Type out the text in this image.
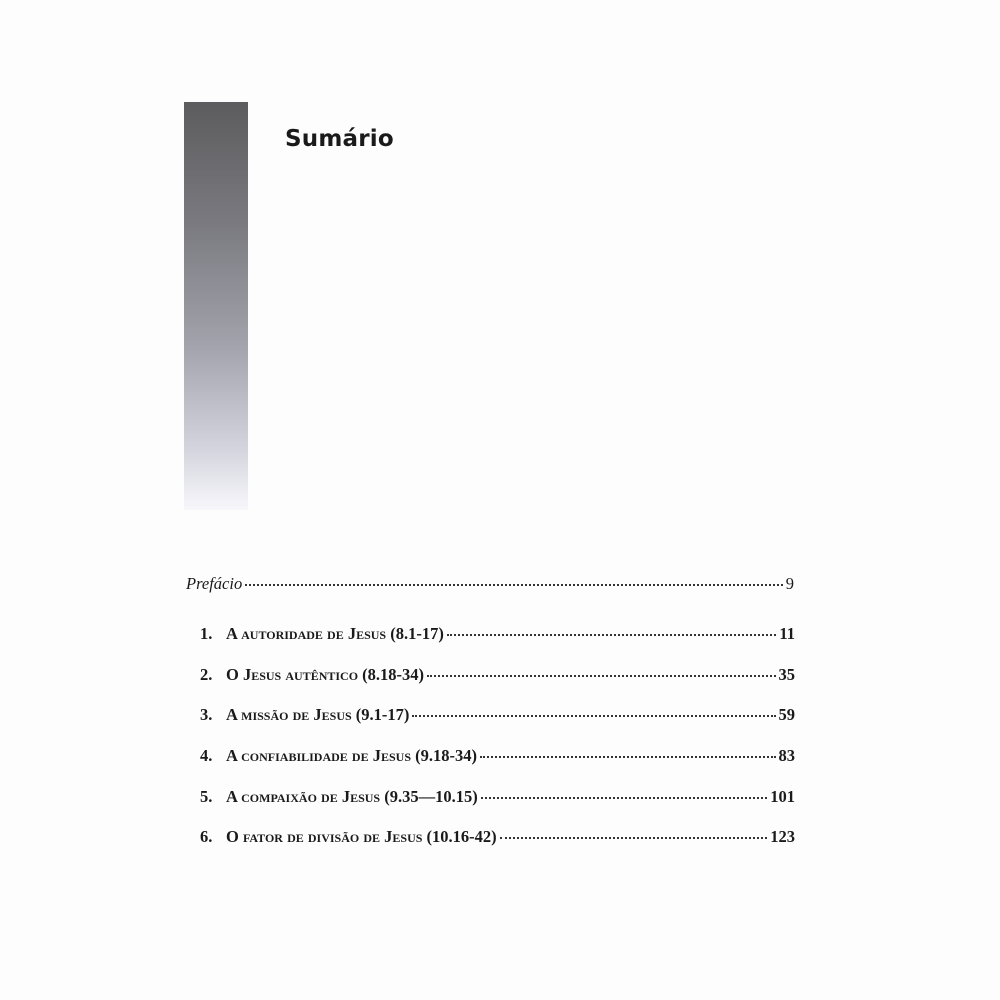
Sumário
Prefácio	9
1. A autoridade de Jesus (8.1-17)	11
2. O Jesus autêntico (8.18-34)	35
3. A missão de Jesus (9.1-17)	59
4. A confiabilidade de Jesus (9.18-34)	83
5. A compaixão de Jesus (9.35—10.15)	101
6. O fator de divisão de Jesus (10.16-42)	123
